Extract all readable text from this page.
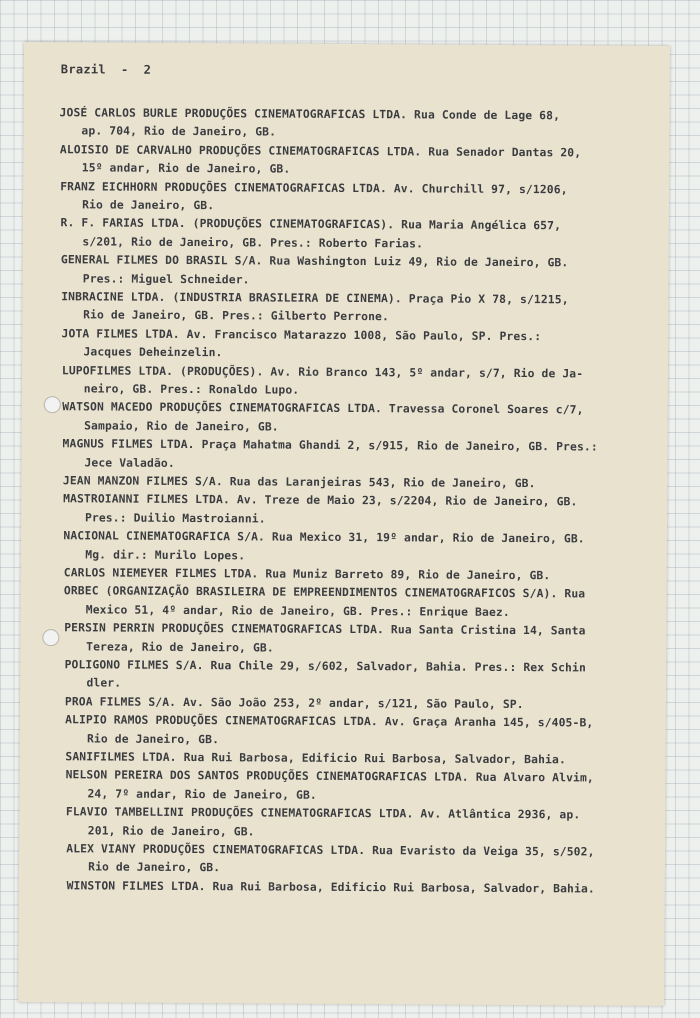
Brazil  -  2
JOSÉ CARLOS BURLE PRODUÇÕES CINEMATOGRAFICAS LTDA. Rua Conde de Lage 68,
ap. 704, Rio de Janeiro, GB.
ALOISIO DE CARVALHO PRODUÇÕES CINEMATOGRAFICAS LTDA. Rua Senador Dantas 20,
15º andar, Rio de Janeiro, GB.
FRANZ EICHHORN PRODUÇÕES CINEMATOGRAFICAS LTDA. Av. Churchill 97, s/1206,
Rio de Janeiro, GB.
R. F. FARIAS LTDA. (PRODUÇÕES CINEMATOGRAFICAS). Rua Maria Angélica 657,
s/201, Rio de Janeiro, GB. Pres.: Roberto Farias.
GENERAL FILMES DO BRASIL S/A. Rua Washington Luiz 49, Rio de Janeiro, GB.
Pres.: Miguel Schneider.
INBRACINE LTDA. (INDUSTRIA BRASILEIRA DE CINEMA). Praça Pio X 78, s/1215,
Rio de Janeiro, GB. Pres.: Gilberto Perrone.
JOTA FILMES LTDA. Av. Francisco Matarazzo 1008, São Paulo, SP. Pres.:
Jacques Deheinzelin.
LUPOFILMES LTDA. (PRODUÇÕES). Av. Rio Branco 143, 5º andar, s/7, Rio de Ja-
neiro, GB. Pres.: Ronaldo Lupo.
WATSON MACEDO PRODUÇÕES CINEMATOGRAFICAS LTDA. Travessa Coronel Soares c/7,
Sampaio, Rio de Janeiro, GB.
MAGNUS FILMES LTDA. Praça Mahatma Ghandi 2, s/915, Rio de Janeiro, GB. Pres.:
Jece Valadão.
JEAN MANZON FILMES S/A. Rua das Laranjeiras 543, Rio de Janeiro, GB.
MASTROIANNI FILMES LTDA. Av. Treze de Maio 23, s/2204, Rio de Janeiro, GB.
Pres.: Duilio Mastroianni.
NACIONAL CINEMATOGRAFICA S/A. Rua Mexico 31, 19º andar, Rio de Janeiro, GB.
Mg. dir.: Murilo Lopes.
CARLOS NIEMEYER FILMES LTDA. Rua Muniz Barreto 89, Rio de Janeiro, GB.
ORBEC (ORGANIZAÇÃO BRASILEIRA DE EMPREENDIMENTOS CINEMATOGRAFICOS S/A). Rua
Mexico 51, 4º andar, Rio de Janeiro, GB. Pres.: Enrique Baez.
PERSIN PERRIN PRODUÇÕES CINEMATOGRAFICAS LTDA. Rua Santa Cristina 14, Santa
Tereza, Rio de Janeiro, GB.
POLIGONO FILMES S/A. Rua Chile 29, s/602, Salvador, Bahia. Pres.: Rex Schin
dler.
PROA FILMES S/A. Av. São João 253, 2º andar, s/121, São Paulo, SP.
ALIPIO RAMOS PRODUÇÕES CINEMATOGRAFICAS LTDA. Av. Graça Aranha 145, s/405-B,
Rio de Janeiro, GB.
SANIFILMES LTDA. Rua Rui Barbosa, Edificio Rui Barbosa, Salvador, Bahia.
NELSON PEREIRA DOS SANTOS PRODUÇÕES CINEMATOGRAFICAS LTDA. Rua Alvaro Alvim,
24, 7º andar, Rio de Janeiro, GB.
FLAVIO TAMBELLINI PRODUÇÕES CINEMATOGRAFICAS LTDA. Av. Atlântica 2936, ap.
201, Rio de Janeiro, GB.
ALEX VIANY PRODUÇÕES CINEMATOGRAFICAS LTDA. Rua Evaristo da Veiga 35, s/502,
Rio de Janeiro, GB.
WINSTON FILMES LTDA. Rua Rui Barbosa, Edificio Rui Barbosa, Salvador, Bahia.
